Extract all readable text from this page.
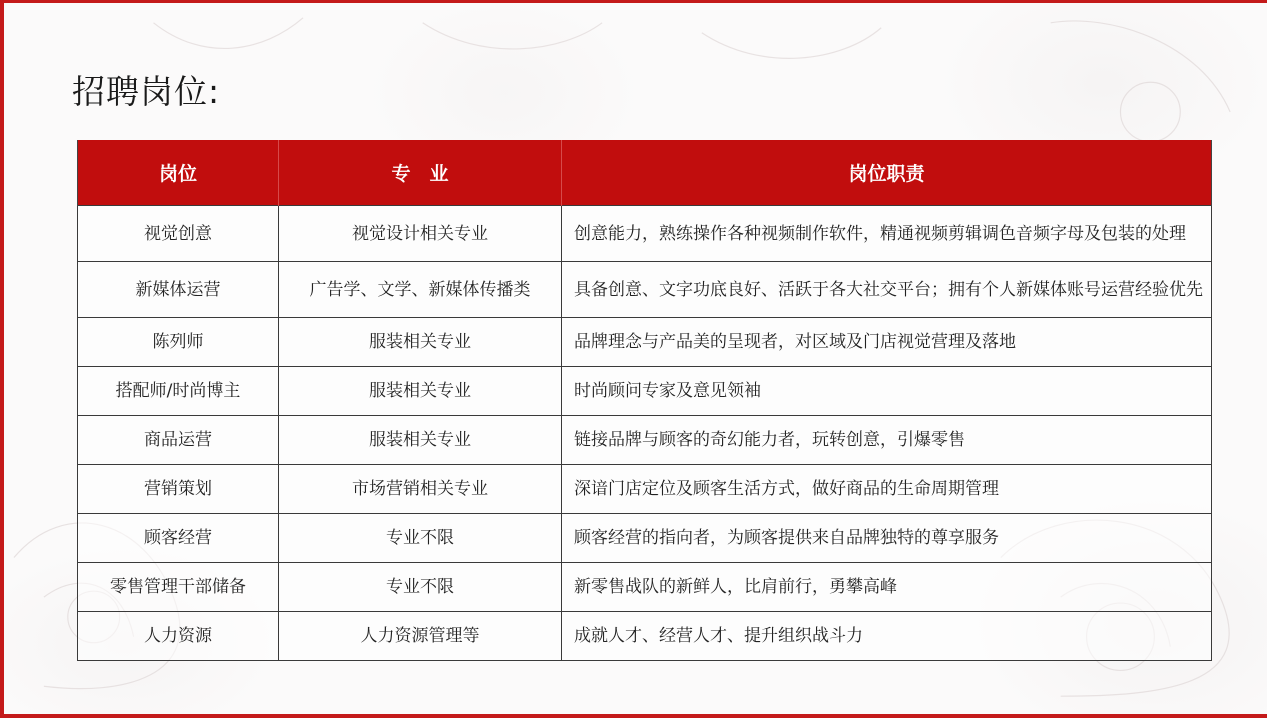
招聘岗位:
岗位	专　业	岗位职责
视觉创意	视觉设计相关专业	创意能力，熟练操作各种视频制作软件，精通视频剪辑调色音频字母及包装的处理
新媒体运营	广告学、文学、新媒体传播类	具备创意、文字功底良好、活跃于各大社交平台；拥有个人新媒体账号运营经验优先
陈列师	服装相关专业	品牌理念与产品美的呈现者，对区域及门店视觉营理及落地
搭配师/时尚博主	服装相关专业	时尚顾问专家及意见领袖
商品运营	服装相关专业	链接品牌与顾客的奇幻能力者，玩转创意，引爆零售
营销策划	市场营销相关专业	深谙门店定位及顾客生活方式，做好商品的生命周期管理
顾客经营	专业不限	顾客经营的指向者，为顾客提供来自品牌独特的尊享服务
零售管理干部储备	专业不限	新零售战队的新鲜人，比肩前行，勇攀高峰
人力资源	人力资源管理等	成就人才、经营人才、提升组织战斗力
